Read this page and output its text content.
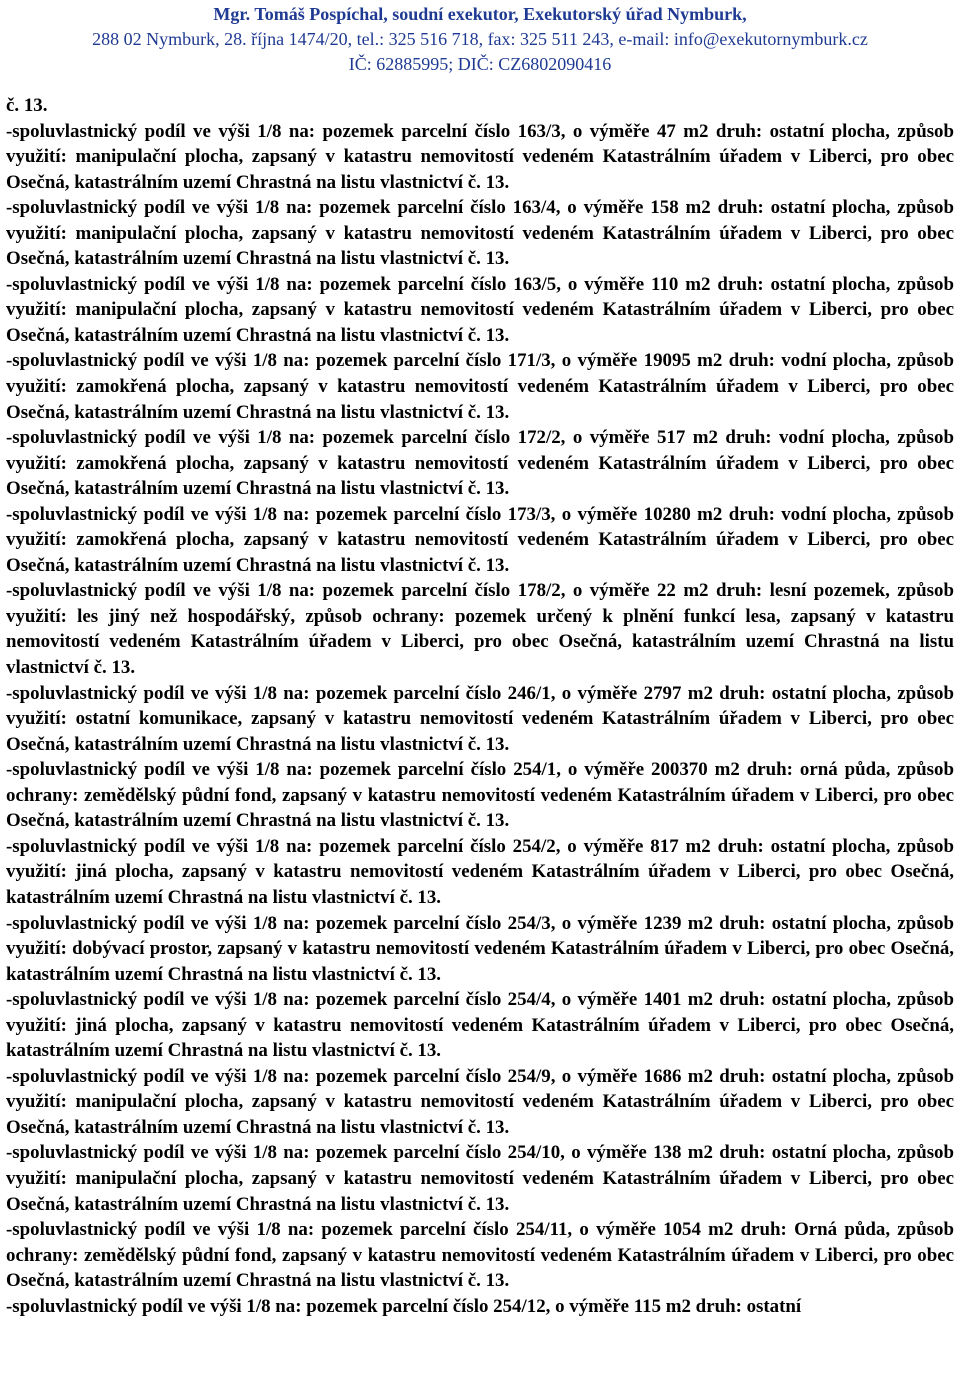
Mgr. Tomáš Pospíchal, soudní exekutor, Exekutorský úřad Nymburk,
288 02 Nymburk, 28. října 1474/20, tel.: 325 516 718, fax: 325 511 243, e-mail: info@exekutornymburk.cz
IČ: 62885995; DIČ: CZ6802090416

č. 13.

-spoluvlastnický podíl ve výši 1/8 na: pozemek parcelní číslo 163/3, o výměře 47 m2 druh: ostatní plocha, způsob využití: manipulační plocha, zapsaný v katastru nemovitostí vedeném Katastrálním úřadem v Liberci, pro obec Osečná, katastrálním uzemí Chrastná na listu vlastnictví č. 13.

-spoluvlastnický podíl ve výši 1/8 na: pozemek parcelní číslo 163/4, o výměře 158 m2 druh: ostatní plocha, způsob využití: manipulační plocha, zapsaný v katastru nemovitostí vedeném Katastrálním úřadem v Liberci, pro obec Osečná, katastrálním uzemí Chrastná na listu vlastnictví č. 13.

-spoluvlastnický podíl ve výši 1/8 na: pozemek parcelní číslo 163/5, o výměře 110 m2 druh: ostatní plocha, způsob využití: manipulační plocha, zapsaný v katastru nemovitostí vedeném Katastrálním úřadem v Liberci, pro obec Osečná, katastrálním uzemí Chrastná na listu vlastnictví č. 13.

-spoluvlastnický podíl ve výši 1/8 na: pozemek parcelní číslo 171/3, o výměře 19095 m2 druh: vodní plocha, způsob využití: zamokřená plocha, zapsaný v katastru nemovitostí vedeném Katastrálním úřadem v Liberci, pro obec Osečná, katastrálním uzemí Chrastná na listu vlastnictví č. 13.

-spoluvlastnický podíl ve výši 1/8 na: pozemek parcelní číslo 172/2, o výměře 517 m2 druh: vodní plocha, způsob využití: zamokřená plocha, zapsaný v katastru nemovitostí vedeném Katastrálním úřadem v Liberci, pro obec Osečná, katastrálním uzemí Chrastná na listu vlastnictví č. 13.

-spoluvlastnický podíl ve výši 1/8 na: pozemek parcelní číslo 173/3, o výměře 10280 m2 druh: vodní plocha, způsob využití: zamokřená plocha, zapsaný v katastru nemovitostí vedeném Katastrálním úřadem v Liberci, pro obec Osečná, katastrálním uzemí Chrastná na listu vlastnictví č. 13.

-spoluvlastnický podíl ve výši 1/8 na: pozemek parcelní číslo 178/2, o výměře 22 m2 druh: lesní pozemek, způsob využití: les jiný než hospodářský, způsob ochrany: pozemek určený k plnění funkcí lesa, zapsaný v katastru nemovitostí vedeném Katastrálním úřadem v Liberci, pro obec Osečná, katastrálním uzemí Chrastná na listu vlastnictví č. 13.

-spoluvlastnický podíl ve výši 1/8 na: pozemek parcelní číslo 246/1, o výměře 2797 m2 druh: ostatní plocha, způsob využití: ostatní komunikace, zapsaný v katastru nemovitostí vedeném Katastrálním úřadem v Liberci, pro obec Osečná, katastrálním uzemí Chrastná na listu vlastnictví č. 13.

-spoluvlastnický podíl ve výši 1/8 na: pozemek parcelní číslo 254/1, o výměře 200370 m2 druh: orná půda, způsob ochrany: zemědělský půdní fond, zapsaný v katastru nemovitostí vedeném Katastrálním úřadem v Liberci, pro obec Osečná, katastrálním uzemí Chrastná na listu vlastnictví č. 13.

-spoluvlastnický podíl ve výši 1/8 na: pozemek parcelní číslo 254/2, o výměře 817 m2 druh: ostatní plocha, způsob využití: jiná plocha, zapsaný v katastru nemovitostí vedeném Katastrálním úřadem v Liberci, pro obec Osečná, katastrálním uzemí Chrastná na listu vlastnictví č. 13.

-spoluvlastnický podíl ve výši 1/8 na: pozemek parcelní číslo 254/3, o výměře 1239 m2 druh: ostatní plocha, způsob využití: dobývací prostor, zapsaný v katastru nemovitostí vedeném Katastrálním úřadem v Liberci, pro obec Osečná, katastrálním uzemí Chrastná na listu vlastnictví č. 13.

-spoluvlastnický podíl ve výši 1/8 na: pozemek parcelní číslo 254/4, o výměře 1401 m2 druh: ostatní plocha, způsob využití: jiná plocha, zapsaný v katastru nemovitostí vedeném Katastrálním úřadem v Liberci, pro obec Osečná, katastrálním uzemí Chrastná na listu vlastnictví č. 13.

-spoluvlastnický podíl ve výši 1/8 na: pozemek parcelní číslo 254/9, o výměře 1686 m2 druh: ostatní plocha, způsob využití: manipulační plocha, zapsaný v katastru nemovitostí vedeném Katastrálním úřadem v Liberci, pro obec Osečná, katastrálním uzemí Chrastná na listu vlastnictví č. 13.

-spoluvlastnický podíl ve výši 1/8 na: pozemek parcelní číslo 254/10, o výměře 138 m2 druh: ostatní plocha, způsob využití: manipulační plocha, zapsaný v katastru nemovitostí vedeném Katastrálním úřadem v Liberci, pro obec Osečná, katastrálním uzemí Chrastná na listu vlastnictví č. 13.

-spoluvlastnický podíl ve výši 1/8 na: pozemek parcelní číslo 254/11, o výměře 1054 m2 druh: Orná půda, způsob ochrany: zemědělský půdní fond, zapsaný v katastru nemovitostí vedeném Katastrálním úřadem v Liberci, pro obec Osečná, katastrálním uzemí Chrastná na listu vlastnictví č. 13.

-spoluvlastnický podíl ve výši 1/8 na: pozemek parcelní číslo 254/12, o výměře 115 m2 druh: ostatní
